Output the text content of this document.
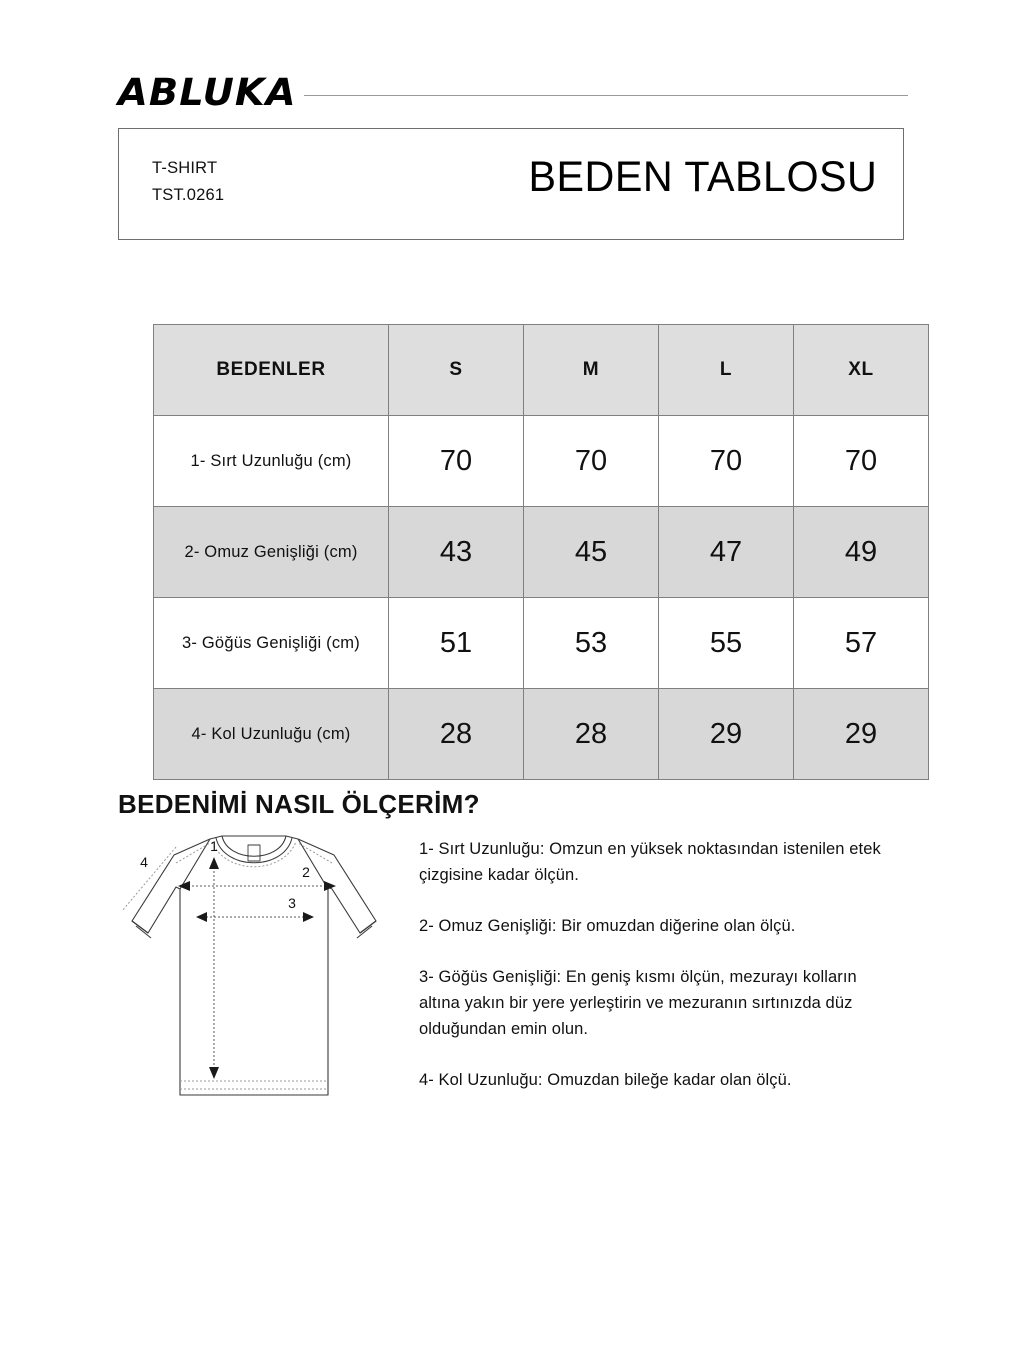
ABLUKA
T-SHIRT
TST.0261	BEDEN TABLOSU
BEDENLER	S	M	L	XL
1- Sırt Uzunluğu (cm)	70	70	70	70
2- Omuz Genişliği (cm)	43	45	47	49
3- Göğüs Genişliği (cm)	51	53	55	57
4- Kol Uzunluğu (cm)	28	28	29	29
BEDENİMİ NASIL ÖLÇERİM?
1
2
3
4

1- Sırt Uzunluğu: Omzun en yüksek noktasından istenilen etek çizgisine kadar ölçün.

2- Omuz Genişliği: Bir omuzdan diğerine olan ölçü.

3- Göğüs Genişliği: En geniş kısmı ölçün, mezurayı kolların altına yakın bir yere yerleştirin ve mezuranın sırtınızda düz olduğundan emin olun.

4- Kol Uzunluğu: Omuzdan bileğe kadar olan ölçü.
